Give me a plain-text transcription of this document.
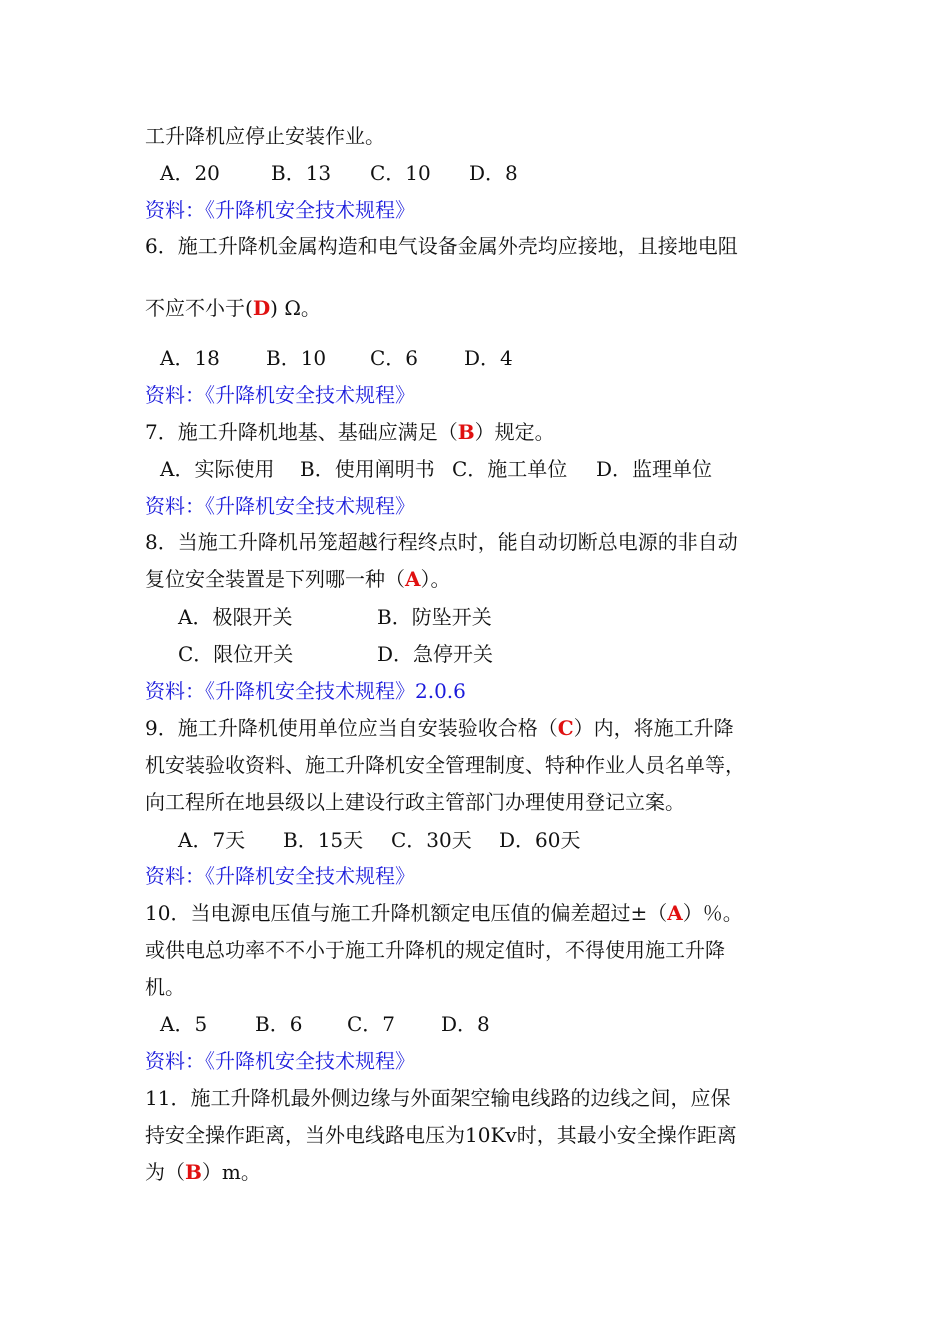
工升降机应停止安装作业。
A．20	B．13 C．10 D．8
资料：《升降机安全技术规程》
6．施工升降机金属构造和电气设备金属外壳均应接地，且接地电阻
不应不小于(D) Ω。
A．18 B．10 C．6 D．4
资料：《升降机安全技术规程》
7．施工升降机地基、基础应满足（B）规定。
A．实际使用 B．使用阐明书 C．施工单位 D．监理单位
资料：《升降机安全技术规程》
8．当施工升降机吊笼超越行程终点时，能自动切断总电源的非自动
复位安全装置是下列哪一种（A）。
A．极限开关	B．防坠开关
C．限位开关	D．急停开关
资料：《升降机安全技术规程》2.0.6
9．施工升降机使用单位应当自安装验收合格（C）内，将施工升降
机安装验收资料、施工升降机安全管理制度、特种作业人员名单等，
向工程所在地县级以上建设行政主管部门办理使用登记立案。
A．7天 B．15天 C．30天 D．60天
资料：《升降机安全技术规程》
10．当电源电压值与施工升降机额定电压值的偏差超过±（A）％。
或供电总功率不不小于施工升降机的规定值时，不得使用施工升降
机。
A．5 B．6 C．7 D．8
资料：《升降机安全技术规程》
11．施工升降机最外侧边缘与外面架空输电线路的边线之间，应保
持安全操作距离，当外电线路电压为10Kv时，其最小安全操作距离
为（B）m。
